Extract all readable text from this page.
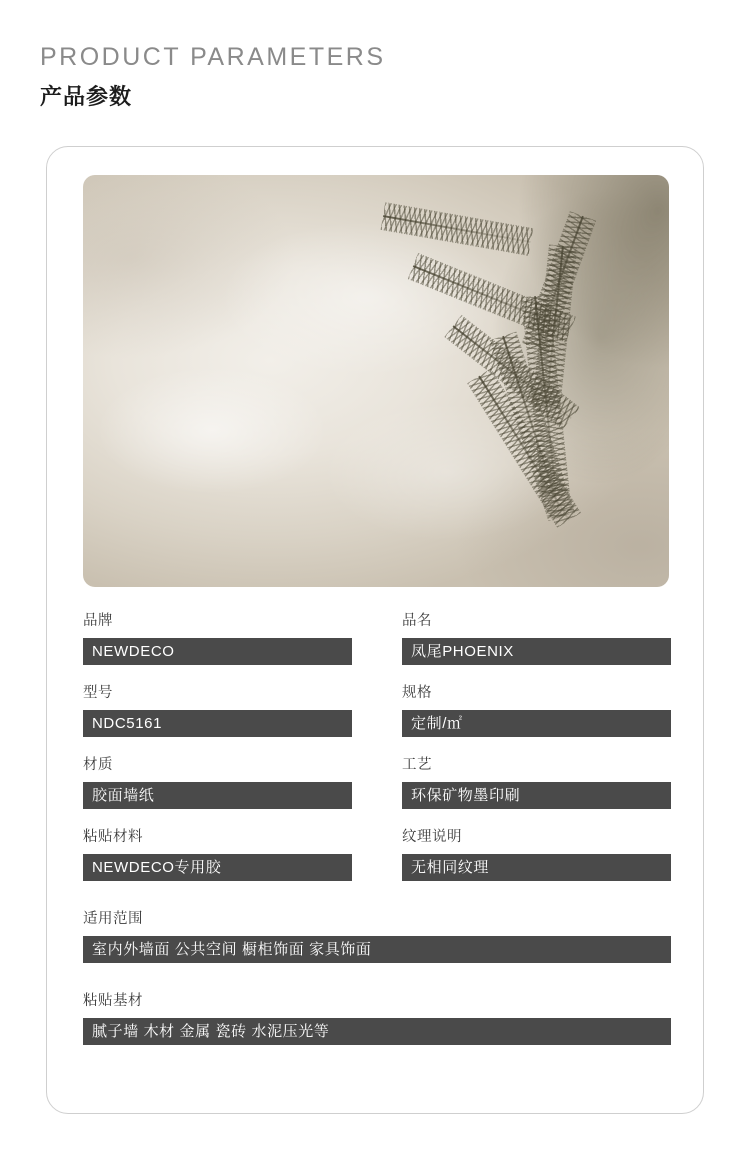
PRODUCT PARAMETERS
产品参数
品牌
NEWDECO
品名
凤尾PHOENIX
型号
NDC5161
规格
定制/㎡
材质
胶面墙纸
工艺
环保矿物墨印刷
粘贴材料
NEWDECO专用胶
纹理说明
无相同纹理
适用范围
室内外墙面 公共空间 橱柜饰面 家具饰面
粘贴基材
腻子墙 木材 金属 瓷砖 水泥压光等
